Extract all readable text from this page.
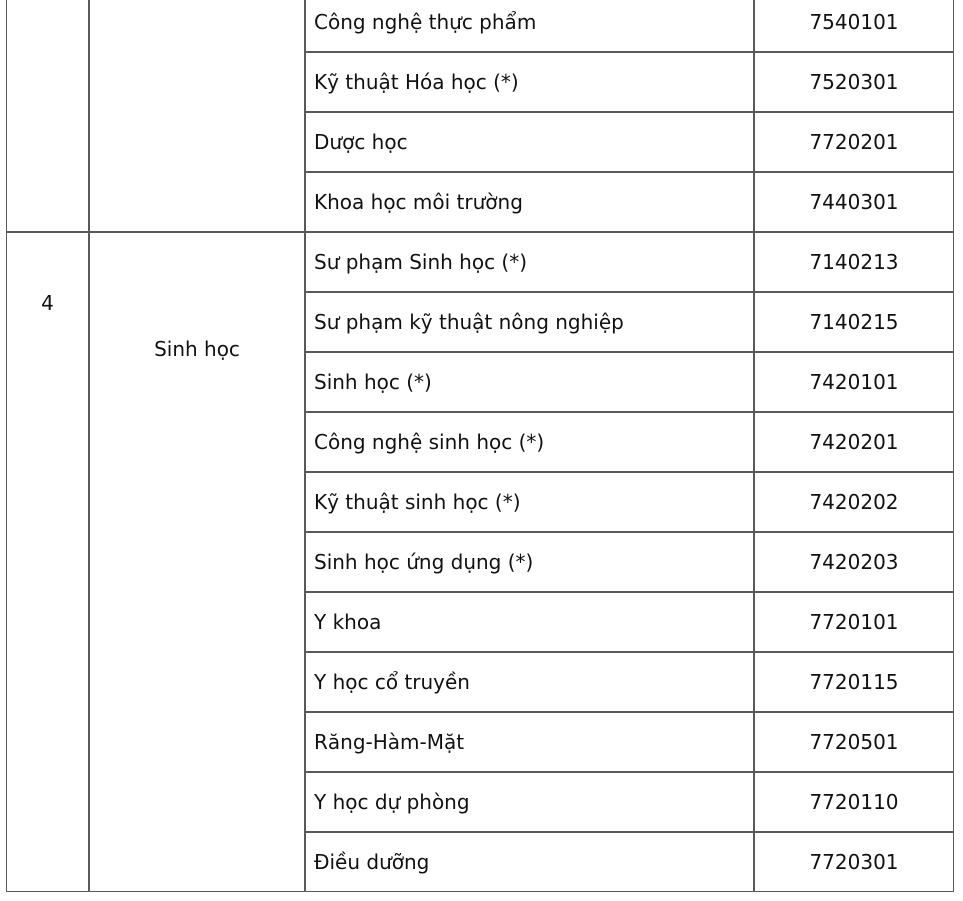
		Công nghệ thực phẩm	7540101
		Kỹ thuật Hóa học (*)	7520301
		Dược học	7720201
		Khoa học môi trường	7440301
4	Sinh học	Sư phạm Sinh học (*)	7140213
		Sư phạm kỹ thuật nông nghiệp	7140215
		Sinh học (*)	7420101
		Công nghệ sinh học (*)	7420201
		Kỹ thuật sinh học (*)	7420202
		Sinh học ứng dụng (*)	7420203
		Y khoa	7720101
		Y học cổ truyền	7720115
		Răng-Hàm-Mặt	7720501
		Y học dự phòng	7720110
		Điều dưỡng	7720301
